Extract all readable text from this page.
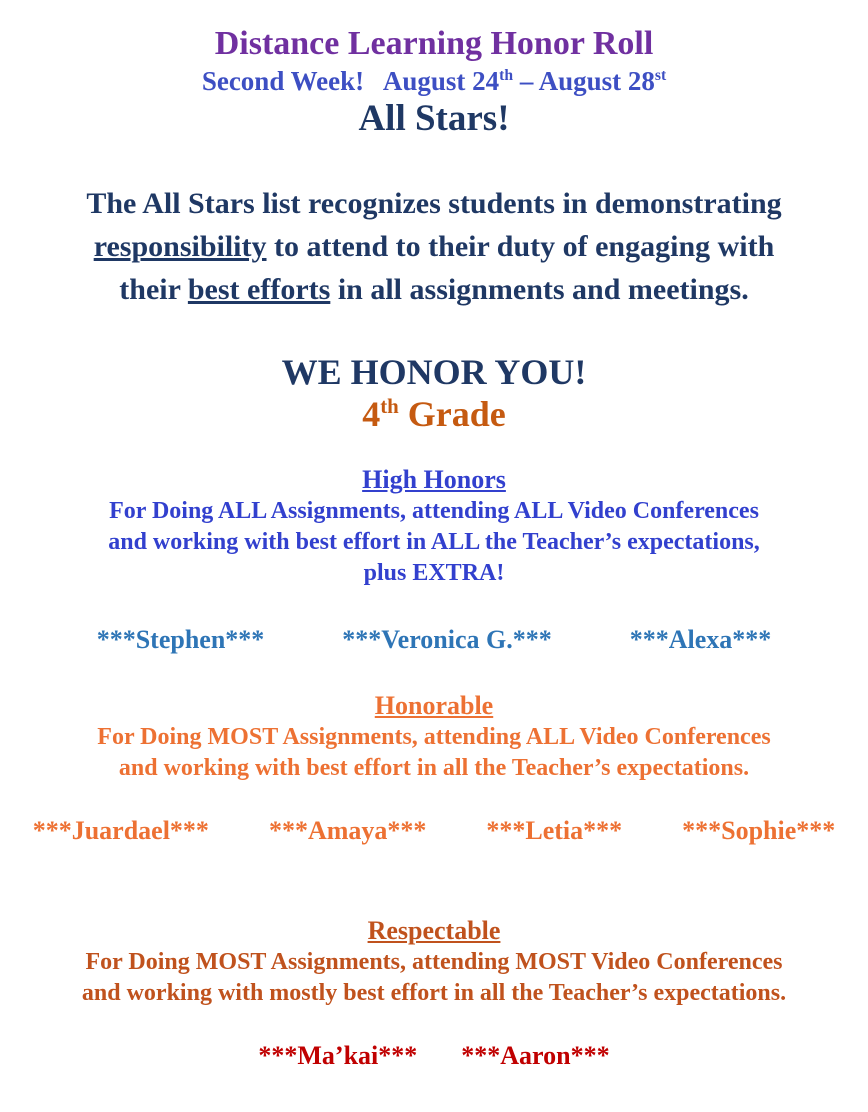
Distance Learning Honor Roll
Second Week!   August 24th – August 28st
All Stars!
The All Stars list recognizes students in demonstrating
responsibility to attend to their duty of engaging with
their best efforts in all assignments and meetings.
WE HONOR YOU!
4th Grade
High Honors
For Doing ALL Assignments, attending ALL Video Conferences
and working with best effort in ALL the Teacher’s expectations,
plus EXTRA!
***Stephen***	***Veronica G.***	***Alexa***
Honorable
For Doing MOST Assignments, attending ALL Video Conferences
and working with best effort in all the Teacher’s expectations.
***Juardael*** ***Amaya*** ***Letia*** ***Sophie***
Respectable
For Doing MOST Assignments, attending MOST Video Conferences
and working with mostly best effort in all the Teacher’s expectations.
***Ma’kai*** ***Aaron***
